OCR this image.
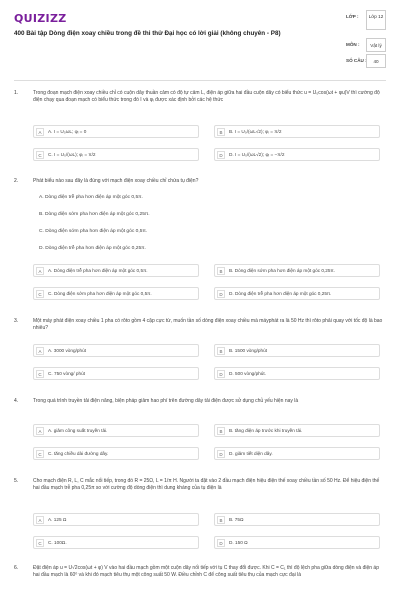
QUIZIZZ
400 Bài tập Dòng điện xoay chiều trong đề thi thử Đại học có lời giải (không chuyên - P8)
LỚP :	Lớp 12
MÔN :	Vật lý
SỐ CÂU :	40
1.	Trong đoạn mạch điện xoay chiều chỉ có cuộn dây thuần cảm có độ tự cảm L, điện áp giữa hai đầu cuộn dây có biểu thức u = U₀cos(ωt + φu)V thì cường độ điện chạy qua đoạn mạch có biểu thức trong đó I và φᵢ được xác định bởi các hệ thức
A	A. I = U₀ωL; φᵢ = 0	B	B. I = U₀/(ωL√2); φᵢ = π/2
C	C. I = U₀/(ωL); φᵢ = π/2	D	D. I = U₀/(ωL√2); φᵢ = −π/2
2.	Phát biểu nào sau đây là đúng với mạch điện xoay chiều chỉ chứa tụ điện?
A. Dòng điện trễ pha hơn điện áp một góc 0,5π.
B. Dòng điện sớm pha hơn điện áp một góc 0,25π.
C. Dòng điện sớm pha hơn điện áp một góc 0,5π.
D. Dòng điện trễ pha hơn điện áp một góc 0,25π.
A	A. Dòng điện trễ pha hơn điện áp một góc 0,5π.	B	B. Dòng điện sớm pha hơn điện áp một góc 0,25π.
C	C. Dòng điện sớm pha hơn điện áp một góc 0,5π.	D	D. Dòng điện trễ pha hơn điện áp một góc 0,25π.
3.	Một máy phát điện xoay chiều 1 pha có rôto gồm 4 cặp cực từ, muốn tần số dòng điện xoay chiều mà máyphát ra là 50 Hz thì rôto phải quay với tốc độ là bao nhiêu?
A	A. 3000 vòng/phút	B	B. 1500 vòng/phút
C	C. 750 vòng/ phút	D	D. 500 vòng/phút.
4.	Trong quá trình truyền tải điện năng, biện pháp giảm hao phí trên đường dây tải điện được sử dụng chủ yếu hiện nay là
A	A. giảm công suất truyền tải.	B	B. tăng điện áp trước khi truyền tải.
C	C. tăng chiều dài đường dây.	D	D. giảm tiết diện dây.
5.	Cho mạch điện R, L, C mắc nối tiếp, trong đó R = 25Ω, L = 1/π H. Người ta đặt vào 2 đầu mạch điện hiệu điện thế xoay chiều tần số 50 Hz. Để hiệu điện thế hai đầu mạch trễ pha 0,25π so với cường độ dòng điện thì dung kháng của tụ điện là
A	A. 125 Ω	B	B. 75Ω
C	C. 100Ω.	D	D. 150 Ω
6.	Đặt điện áp u = U√2cos(ωt + φ) V vào hai đầu mạch gồm một cuộn dây nối tiếp với tụ C thay đổi được. Khi C = C₁ thì độ lệch pha giữa dòng điện và điện áp hai đầu mạch là 60⁰ và khi đó mạch tiêu thụ một công suất 50 W. Điều chỉnh C để công suất tiêu thụ của mạch cực đại là
